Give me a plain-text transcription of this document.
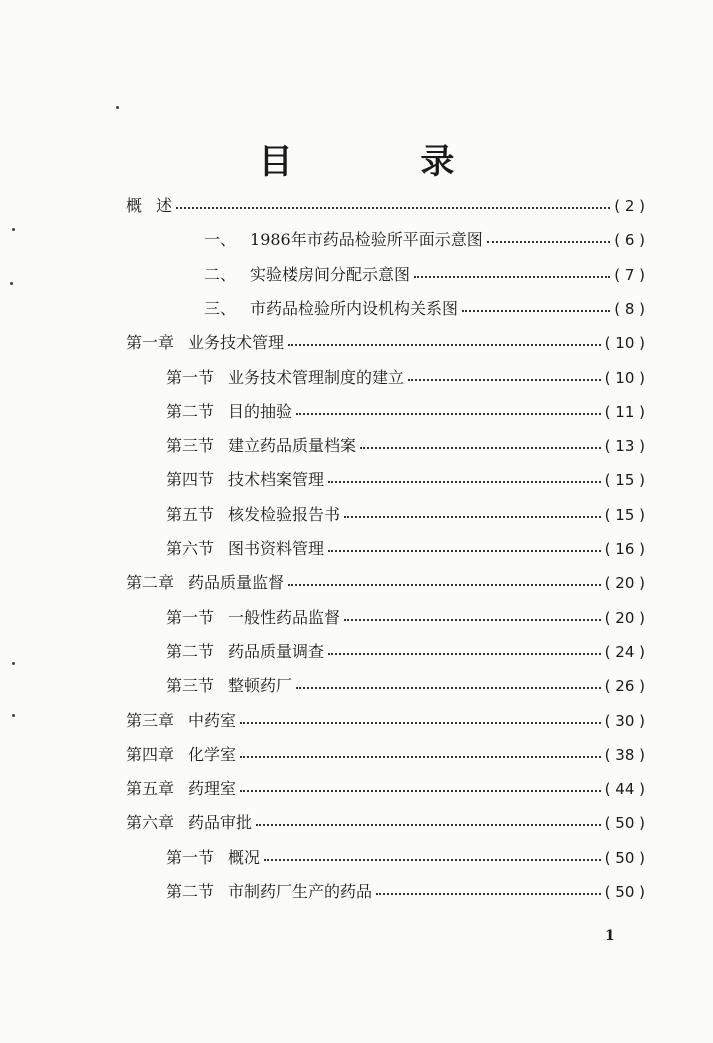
目 录
概 述	( 2 )
一、 1986年市药品检验所平面示意图	( 6 )
二、 实验楼房间分配示意图	( 7 )
三、 市药品检验所内设机构关系图	( 8 )
第一章 业务技术管理	( 10 )
第一节 业务技术管理制度的建立	( 10 )
第二节 目的抽验	( 11 )
第三节 建立药品质量档案	( 13 )
第四节 技术档案管理	( 15 )
第五节 核发检验报告书	( 15 )
第六节 图书资料管理	( 16 )
第二章 药品质量监督	( 20 )
第一节 一般性药品监督	( 20 )
第二节 药品质量调查	( 24 )
第三节 整顿药厂	( 26 )
第三章 中药室	( 30 )
第四章 化学室	( 38 )
第五章 药理室	( 44 )
第六章 药品审批	( 50 )
第一节 概况	( 50 )
第二节 市制药厂生产的药品	( 50 )
1
